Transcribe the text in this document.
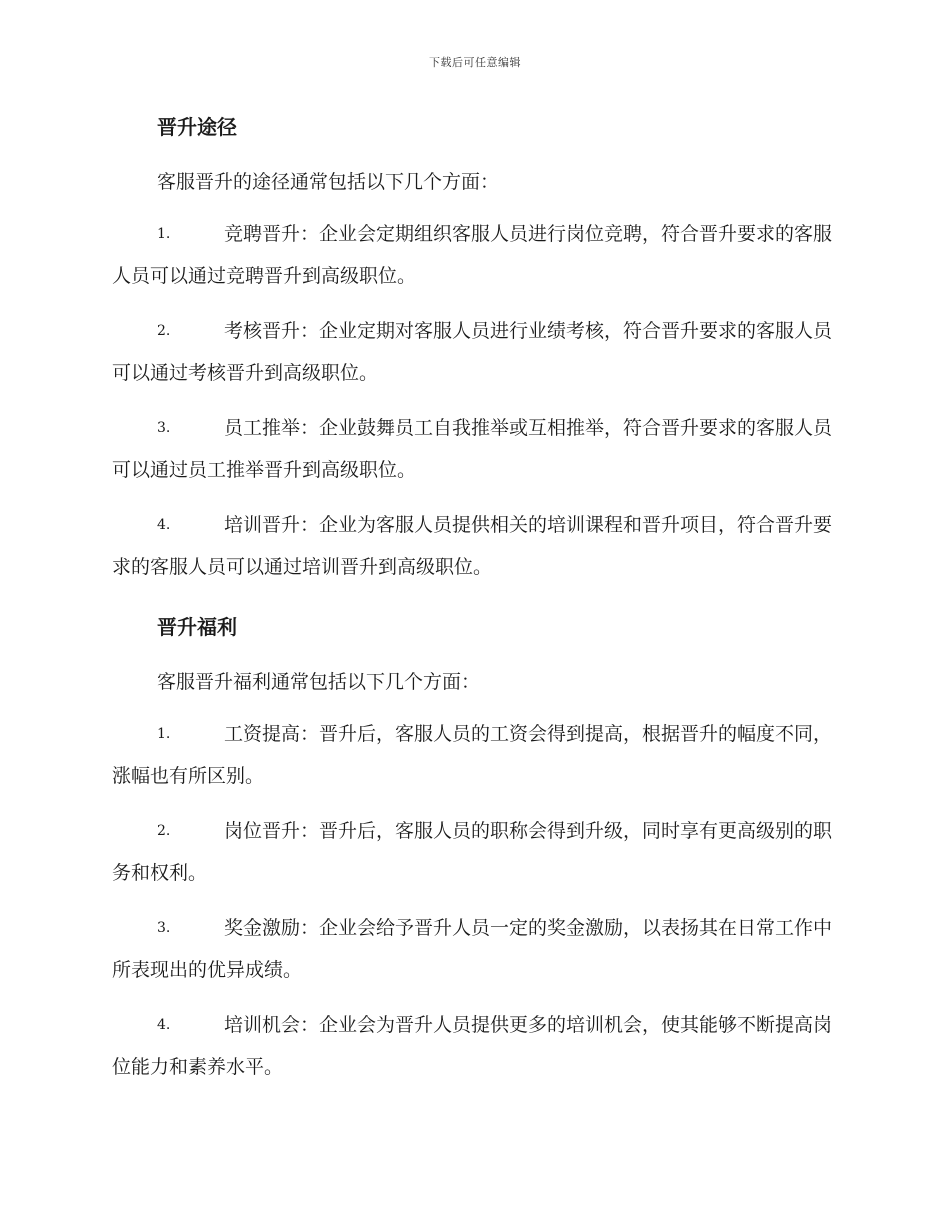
下载后可任意编辑
晋升途径
客服晋升的途径通常包括以下几个方面：
1.	竞聘晋升：企业会定期组织客服人员进行岗位竞聘，符合晋升要求的客服人员可以通过竞聘晋升到高级职位。
2.	考核晋升：企业定期对客服人员进行业绩考核，符合晋升要求的客服人员可以通过考核晋升到高级职位。
3.	员工推举：企业鼓舞员工自我推举或互相推举，符合晋升要求的客服人员可以通过员工推举晋升到高级职位。
4.	培训晋升：企业为客服人员提供相关的培训课程和晋升项目，符合晋升要求的客服人员可以通过培训晋升到高级职位。
晋升福利
客服晋升福利通常包括以下几个方面：
1.	工资提高：晋升后，客服人员的工资会得到提高，根据晋升的幅度不同，涨幅也有所区别。
2.	岗位晋升：晋升后，客服人员的职称会得到升级，同时享有更高级别的职务和权利。
3.	奖金激励：企业会给予晋升人员一定的奖金激励，以表扬其在日常工作中所表现出的优异成绩。
4.	培训机会：企业会为晋升人员提供更多的培训机会，使其能够不断提高岗位能力和素养水平。
